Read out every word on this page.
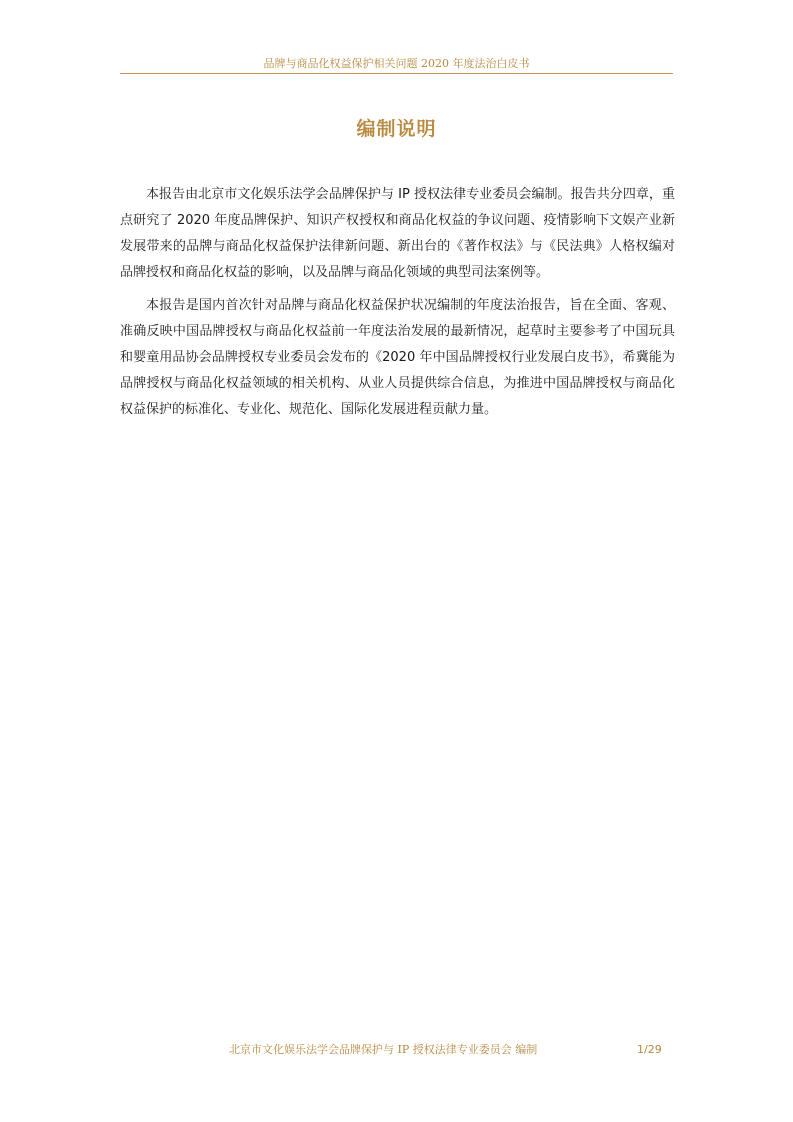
品牌与商品化权益保护相关问题 2020 年度法治白皮书
编制说明

本报告由北京市文化娱乐法学会品牌保护与 IP 授权法律专业委员会编制。报告共分四章，重点研究了 2020 年度品牌保护、知识产权授权和商品化权益的争议问题、疫情影响下文娱产业新发展带来的品牌与商品化权益保护法律新问题、新出台的《著作权法》与《民法典》人格权编对品牌授权和商品化权益的影响，以及品牌与商品化领域的典型司法案例等。

本报告是国内首次针对品牌与商品化权益保护状况编制的年度法治报告，旨在全面、客观、准确反映中国品牌授权与商品化权益前一年度法治发展的最新情况，起草时主要参考了中国玩具和婴童用品协会品牌授权专业委员会发布的《2020 年中国品牌授权行业发展白皮书》，希冀能为品牌授权与商品化权益领域的相关机构、从业人员提供综合信息，为推进中国品牌授权与商品化权益保护的标准化、专业化、规范化、国际化发展进程贡献力量。

北京市文化娱乐法学会品牌保护与 IP 授权法律专业委员会 编制	1/29
